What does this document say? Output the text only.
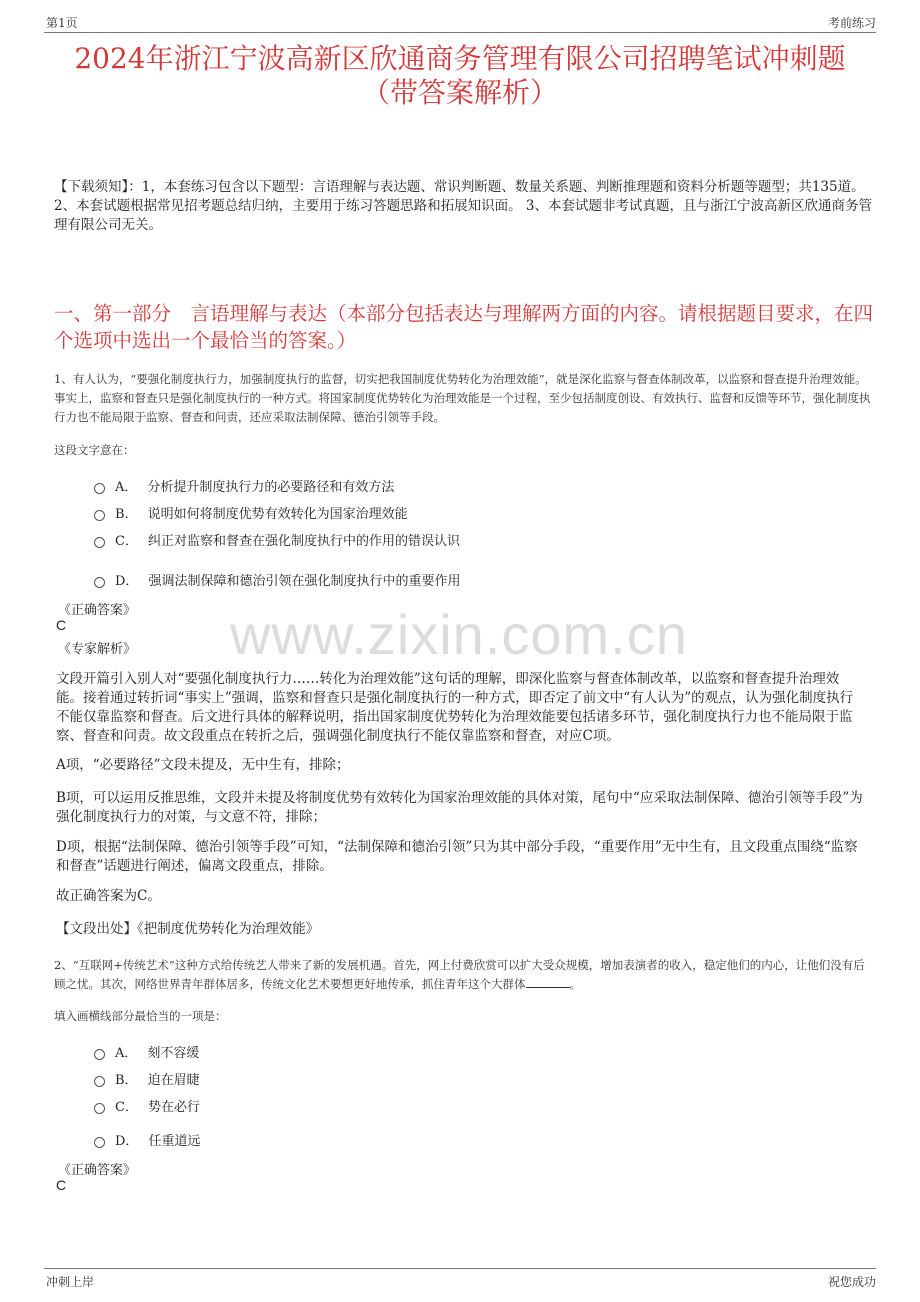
第1页	考前练习
www.zixin.com.cn
2024年浙江宁波高新区欣通商务管理有限公司招聘笔试冲刺题
（带答案解析）
【下载须知】：1，本套练习包含以下题型：言语理解与表达题、常识判断题、数量关系题、判断推理题和资料分析题等题型；共135道。 2、本套试题根据常见招考题总结归纳，主要用于练习答题思路和拓展知识面。 3、本套试题非考试真题，且与浙江宁波高新区欣通商务管理有限公司无关。
一、第一部分　言语理解与表达（本部分包括表达与理解两方面的内容。请根据题目要求，在四个选项中选出一个最恰当的答案。）
1、有人认为，“要强化制度执行力，加强制度执行的监督，切实把我国制度优势转化为治理效能”，就是深化监察与督查体制改革，以监察和督查提升治理效能。事实上，监察和督查只是强化制度执行的一种方式。将国家制度优势转化为治理效能是一个过程，至少包括制度创设、有效执行、监督和反馈等环节，强化制度执行力也不能局限于监察、督查和问责，还应采取法制保障、德治引领等手段。
这段文字意在：
A． 分析提升制度执行力的必要路径和有效方法
B． 说明如何将制度优势有效转化为国家治理效能
C． 纠正对监察和督查在强化制度执行中的作用的错误认识
D． 强调法制保障和德治引领在强化制度执行中的重要作用
《正确答案》
C
《专家解析》
文段开篇引入别人对“要强化制度执行力……转化为治理效能”这句话的理解，即深化监察与督查体制改革，以监察和督查提升治理效能。接着通过转折词“事实上”强调，监察和督查只是强化制度执行的一种方式，即否定了前文中“有人认为”的观点，认为强化制度执行不能仅靠监察和督查。后文进行具体的解释说明，指出国家制度优势转化为治理效能要包括诸多环节，强化制度执行力也不能局限于监察、督查和问责。故文段重点在转折之后，强调强化制度执行不能仅靠监察和督查，对应C项。
A项，“必要路径”文段未提及，无中生有，排除；
B项，可以运用反推思维，文段并未提及将制度优势有效转化为国家治理效能的具体对策，尾句中“应采取法制保障、德治引领等手段”为强化制度执行力的对策，与文意不符，排除；
D项，根据“法制保障、德治引领等手段”可知，“法制保障和德治引领”只为其中部分手段，“重要作用”无中生有，且文段重点围绕“监察和督查”话题进行阐述，偏离文段重点，排除。
故正确答案为C。
【文段出处】《把制度优势转化为治理效能》
2、“互联网+传统艺术”这种方式给传统艺人带来了新的发展机遇。首先，网上付费欣赏可以扩大受众规模，增加表演者的收入，稳定他们的内心，让他们没有后顾之忧。其次，网络世界青年群体居多，传统文化艺术要想更好地传承，抓住青年这个大群体	。
填入画横线部分最恰当的一项是：
A． 刻不容缓
B． 迫在眉睫
C． 势在必行
D． 任重道远
《正确答案》
C
冲刺上岸	祝您成功
